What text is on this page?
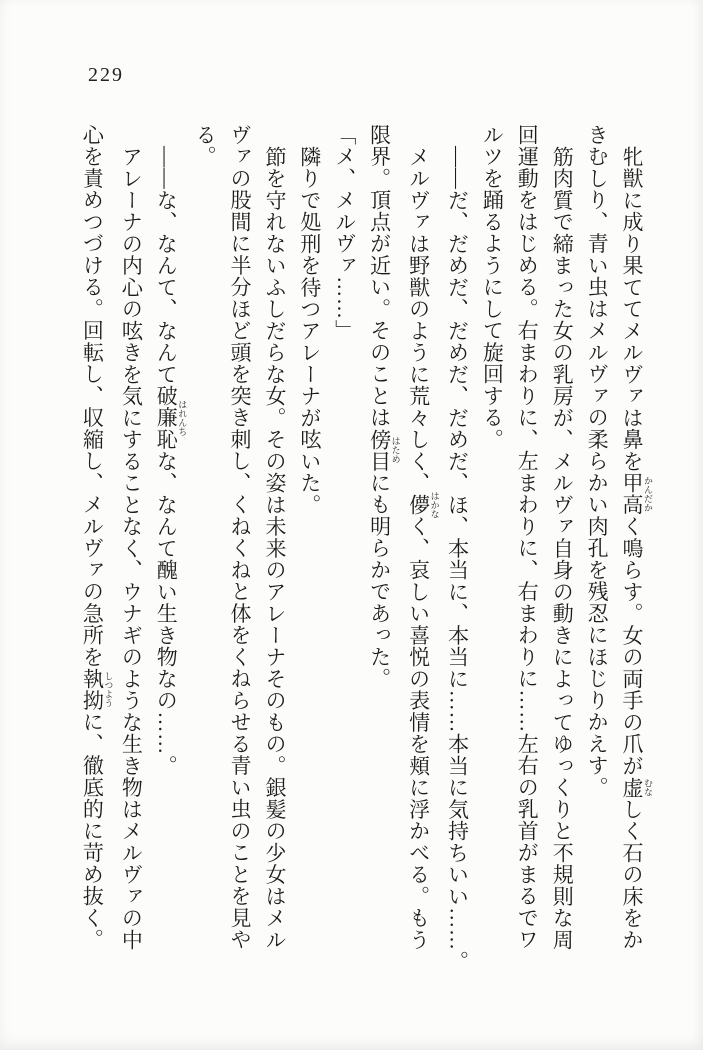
229

牝獣に成り果ててメルヴァは鼻を甲高 かんだかく鳴らす。女の両手の爪が虚 むなしく石の床をか

きむしり、青い虫はメルヴァの柔らかい肉孔を残忍にほじりかえす。

筋肉質で締まった女の乳房が、メルヴァ自身の動きによってゆっくりと不規則な周

回運動をはじめる。右まわりに、左まわりに、右まわりに……左右の乳首がまるでワ

ルツを踊るようにして旋回する。

――だ、だめだ、だめだ、だめだ、ほ、本当に、本当に……本当に気持ちいい……。

メルヴァは野獣のように荒々しく、儚 はかなく、哀しい喜悦の表情を頬に浮かべる。もう

限界。頂点が近い。そのことは傍目 はためにも明らかであった。

「メ、メルヴァ……」

隣りで処刑を待つアレーナが呟いた。

節を守れないふしだらな女。その姿は未来のアレーナそのもの。銀髪の少女はメル

ヴァの股間に半分ほど頭を突き刺し、くねくねと体をくねらせる青い虫のことを見や

る。

――な、なんて、なんて破廉恥 はれんちな、なんて醜い生き物なの……。

アレーナの内心の呟きを気にすることなく、ウナギのような生き物はメルヴァの中

心を責めつづける。回転し、収縮し、メルヴァの急所を執拗 しつように、徹底的に苛め抜く。
